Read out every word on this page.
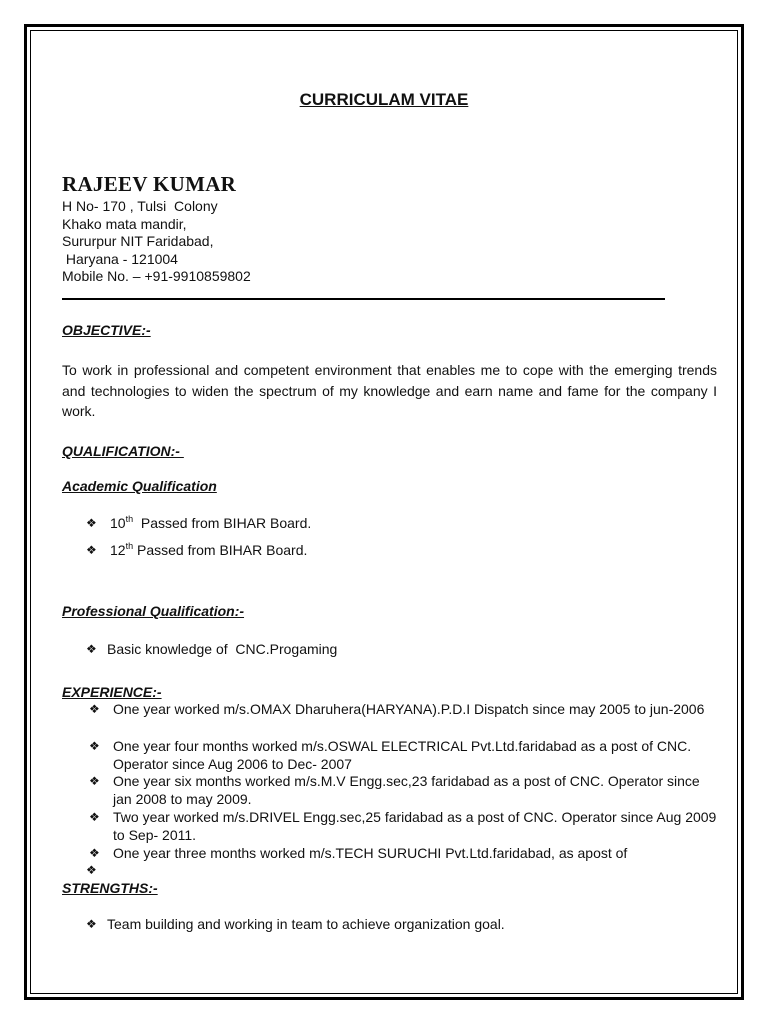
CURRICULAM VITAE
RAJEEV KUMAR
H No- 170 , Tulsi  Colony
Khako mata mandir,
Sururpur NIT Faridabad,
Haryana - 121004
Mobile No. – +91-9910859802
OBJECTIVE:-
To work in professional and competent environment that enables me to cope with the emerging trends and technologies to widen the spectrum of my knowledge and earn name and fame for the company I work.
QUALIFICATION:-
Academic Qualification
❖ 10th  Passed from BIHAR Board.
❖ 12th Passed from BIHAR Board.
Professional Qualification:-
❖ Basic knowledge of  CNC.Progaming
EXPERIENCE:-
❖ One year worked m/s.OMAX Dharuhera(HARYANA).P.D.I Dispatch since may 2005 to jun-2006
❖ One year four months worked m/s.OSWAL ELECTRICAL Pvt.Ltd.faridabad as a post of CNC. Operator since Aug 2006 to Dec- 2007
❖ One year six months worked m/s.M.V Engg.sec,23 faridabad as a post of CNC. Operator since jan 2008 to may 2009.
❖ Two year worked m/s.DRIVEL Engg.sec,25 faridabad as a post of CNC. Operator since Aug 2009 to Sep- 2011.
❖ One year three months worked m/s.TECH SURUCHI Pvt.Ltd.faridabad, as apost of
❖
STRENGTHS:-
❖ Team building and working in team to achieve organization goal.
